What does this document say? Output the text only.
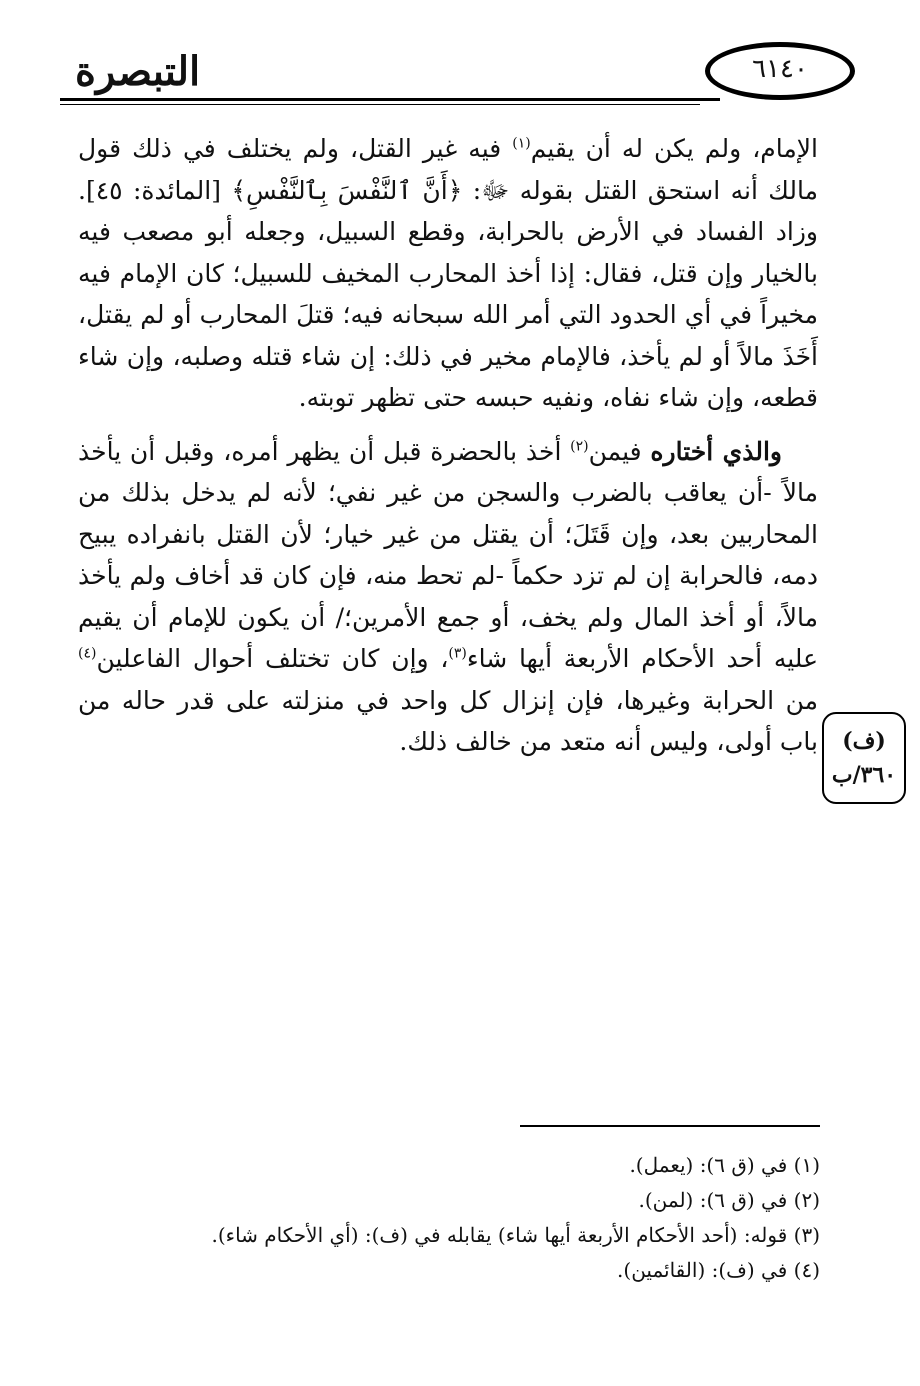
التبصرة	٦١٤٠

الإمام، ولم يكن له أن يقيم$^{(١)}$ فيه غير القتل، ولم يختلف في ذلك قول مالك أنه استحق القتل بقوله ﷻ: ﴿أَنَّ ٱلنَّفْسَ بِٱلنَّفْسِ﴾ [المائدة: ٤٥]. وزاد الفساد في الأرض بالحرابة، وقطع السبيل، وجعله أبو مصعب فيه بالخيار وإن قتل، فقال: إذا أخذ المحارب المخيف للسبيل؛ كان الإمام فيه مخيراً في أي الحدود التي أمر الله سبحانه فيه؛ قتلَ المحارب أو لم يقتل، أَخَذَ مالاً أو لم يأخذ، فالإمام مخير في ذلك: إن شاء قتله وصلبه، وإن شاء قطعه، وإن شاء نفاه، ونفيه حبسه حتى تظهر توبته.

والذي أختاره فيمن$^{(٢)}$ أخذ بالحضرة قبل أن يظهر أمره، وقبل أن يأخذ مالاً -أن يعاقب بالضرب والسجن من غير نفي؛ لأنه لم يدخل بذلك من المحاربين بعد، وإن قَتَلَ؛ أن يقتل من غير خيار؛ لأن القتل بانفراده يبيح دمه، فالحرابة إن لم تزد حكماً -لم تحط منه، فإن كان قد أخاف ولم يأخذ مالاً، أو أخذ المال ولم يخف، أو جمع الأمرين؛/ أن يكون للإمام أن يقيم عليه أحد الأحكام الأربعة أيها شاء$^{(٣)}$، وإن كان تختلف أحوال الفاعلين$^{(٤)}$ من الحرابة وغيرها، فإن إنزال كل واحد في منزلته على قدر حاله من باب أولى، وليس أنه متعد من خالف ذلك.	(ف)
٣٦٠/ب
(١) في (ق ٦): (يعمل).
(٢) في (ق ٦): (لمن).
(٣) قوله: (أحد الأحكام الأربعة أيها شاء) يقابله في (ف): (أي الأحكام شاء).
(٤) في (ف): (القائمين).
